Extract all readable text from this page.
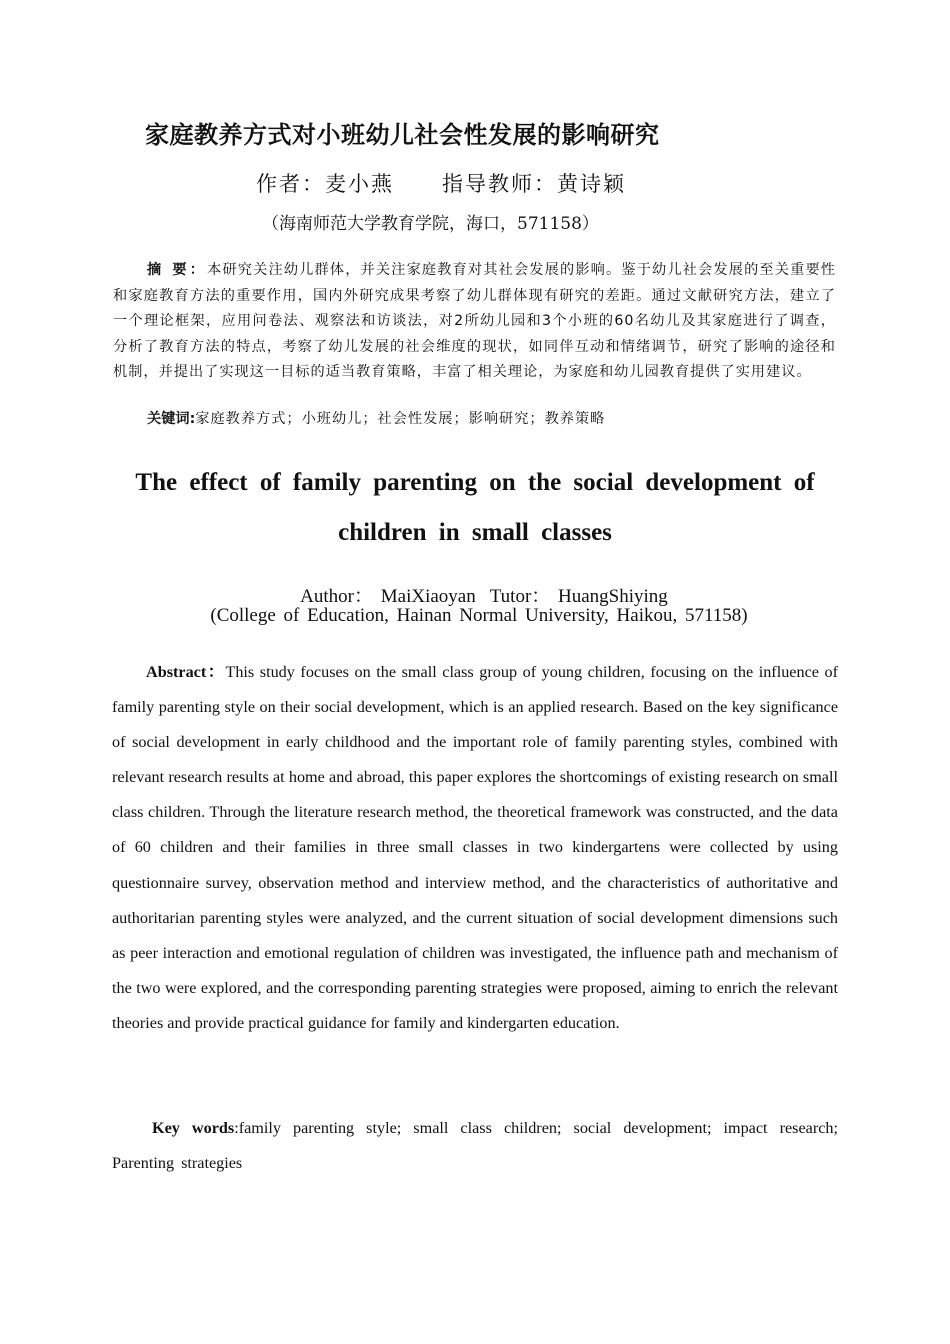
家庭教养方式对小班幼儿社会性发展的影响研究
作者：麦小燕 指导教师：黄诗颖
（海南师范大学教育学院，海口，571158）

摘 要：本研究关注幼儿群体，并关注家庭教育对其社会发展的影响。鉴于幼儿社会发展的至关重要性和家庭教育方法的重要作用，国内外研究成果考察了幼儿群体现有研究的差距。通过文献研究方法，建立了一个理论框架，应用问卷法、观察法和访谈法，对2所幼儿园和3个小班的60名幼儿及其家庭进行了调查，分析了教育方法的特点，考察了幼儿发展的社会维度的现状，如同伴互动和情绪调节，研究了影响的途径和机制，并提出了实现这一目标的适当教育策略，丰富了相关理论，为家庭和幼儿园教育提供了实用建议。

关键词:家庭教养方式；小班幼儿；社会性发展；影响研究；教养策略
The effect of family parenting on the social development of children in small classes
Author： MaiXiaoyan Tutor： HuangShiying
(College of Education, Hainan Normal University, Haikou, 571158)

Abstract：This study focuses on the small class group of young children, focusing on the influence of family parenting style on their social development, which is an applied research. Based on the key significance of social development in early childhood and the important role of family parenting styles, combined with relevant research results at home and abroad, this paper explores the shortcomings of existing research on small class children. Through the literature research method, the theoretical framework was constructed, and the data of 60 children and their families in three small classes in two kindergartens were collected by using questionnaire survey, observation method and interview method, and the characteristics of authoritative and authoritarian parenting styles were analyzed, and the current situation of social development dimensions such as peer interaction and emotional regulation of children was investigated, the influence path and mechanism of the two were explored, and the corresponding parenting strategies were proposed, aiming to enrich the relevant theories and provide practical guidance for family and kindergarten education.

Key words:family parenting style; small class children; social development; impact research; Parenting strategies
